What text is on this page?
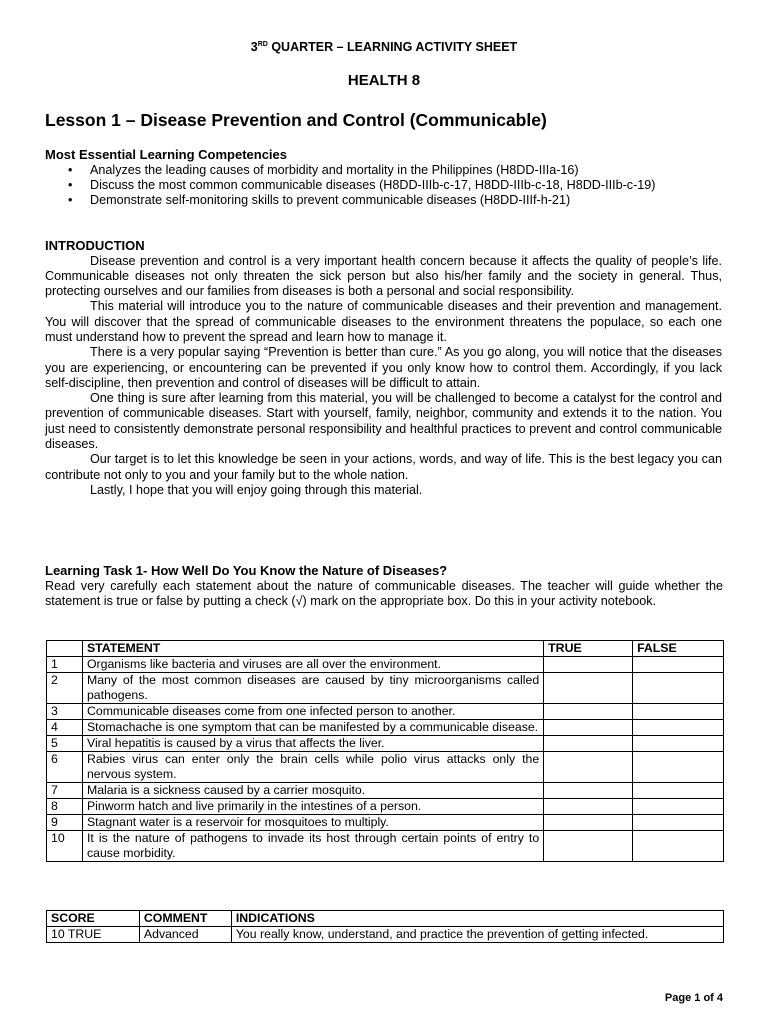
3RD QUARTER – LEARNING ACTIVITY SHEET
HEALTH 8
Lesson 1 – Disease Prevention and Control (Communicable)
Most Essential Learning Competencies
• Analyzes the leading causes of morbidity and mortality in the Philippines (H8DD-IIIa-16)
• Discuss the most common communicable diseases (H8DD-IIIb-c-17, H8DD-IIIb-c-18, H8DD-IIIb-c-19)
• Demonstrate self-monitoring skills to prevent communicable diseases (H8DD-IIIf-h-21)
INTRODUCTION

Disease prevention and control is a very important health concern because it affects the quality of people’s life. Communicable diseases not only threaten the sick person but also his/her family and the society in general. Thus, protecting ourselves and our families from diseases is both a personal and social responsibility.

This material will introduce you to the nature of communicable diseases and their prevention and management. You will discover that the spread of communicable diseases to the environment threatens the populace, so each one must understand how to prevent the spread and learn how to manage it.

There is a very popular saying “Prevention is better than cure.” As you go along, you will notice that the diseases you are experiencing, or encountering can be prevented if you only know how to control them. Accordingly, if you lack self-discipline, then prevention and control of diseases will be difficult to attain.

One thing is sure after learning from this material, you will be challenged to become a catalyst for the control and prevention of communicable diseases. Start with yourself, family, neighbor, community and extends it to the nation. You just need to consistently demonstrate personal responsibility and healthful practices to prevent and control communicable diseases.

Our target is to let this knowledge be seen in your actions, words, and way of life. This is the best legacy you can contribute not only to you and your family but to the whole nation.

Lastly, I hope that you will enjoy going through this material.

Learning Task 1- How Well Do You Know the Nature of Diseases?

Read very carefully each statement about the nature of communicable diseases. The teacher will guide whether the statement is true or false by putting a check (√) mark on the appropriate box. Do this in your activity notebook.

	STATEMENT	TRUE	FALSE
1	Organisms like bacteria and viruses are all over the environment.		
2	Many of the most common diseases are caused by tiny microorganisms called pathogens.		
3	Communicable diseases come from one infected person to another.		
4	Stomachache is one symptom that can be manifested by a communicable disease.		
5	Viral hepatitis is caused by a virus that affects the liver.		
6	Rabies virus can enter only the brain cells while polio virus attacks only the nervous system.		
7	Malaria is a sickness caused by a carrier mosquito.		
8	Pinworm hatch and live primarily in the intestines of a person.		
9	Stagnant water is a reservoir for mosquitoes to multiply.		
10	It is the nature of pathogens to invade its host through certain points of entry to cause morbidity.		
SCORE	COMMENT	INDICATIONS
10 TRUE	Advanced	You really know, understand, and practice the prevention of getting infected.
Page 1 of 4
